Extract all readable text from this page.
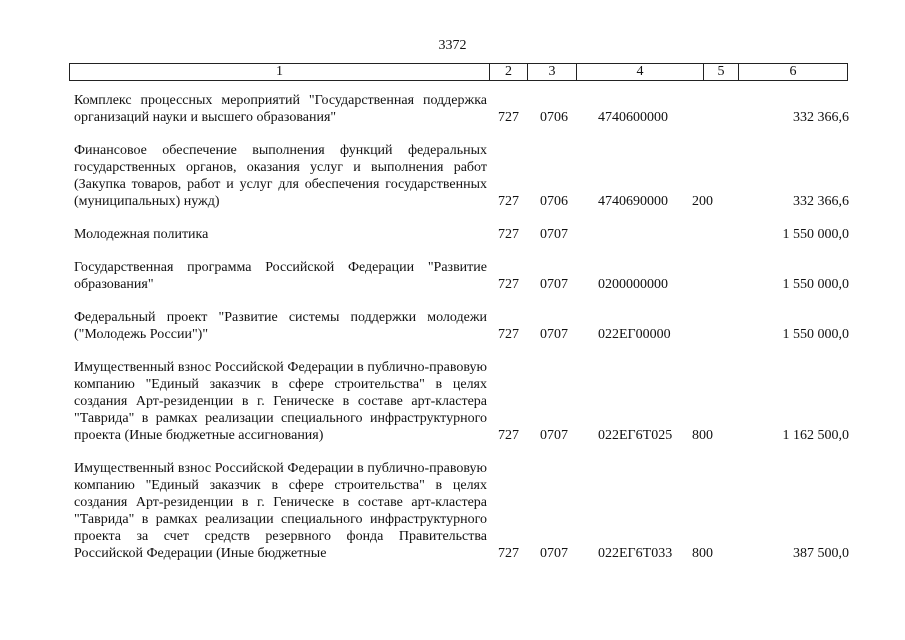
3372
1	2	3	4	5	6
Комплекс процессных мероприятий "Государственная поддержка организаций науки и высшего образования"	727 0706 4740600000	332 366,6
Финансовое обеспечение выполнения функций федеральных государственных органов, оказания услуг и выполнения работ (Закупка товаров, работ и услуг для обеспечения государственных (муниципальных) нужд)	727 0706 4740690000 200	332 366,6
Молодежная политика	727 0707	1 550 000,0
Государственная программа Российской Федерации "Развитие образования"	727 0707 0200000000	1 550 000,0
Федеральный проект "Развитие системы поддержки молодежи ("Молодежь России")"	727 0707 022ЕГ00000	1 550 000,0
Имущественный взнос Российской Федерации в публично-правовую компанию "Единый заказчик в сфере строительства" в целях создания Арт-резиденции в г. Геническе в составе арт-кластера "Таврида" в рамках реализации специального инфраструктурного проекта (Иные бюджетные ассигнования)	727 0707 022ЕГ6Т025 800	1 162 500,0
Имущественный взнос Российской Федерации в публично-правовую компанию "Единый заказчик в сфере строительства" в целях создания Арт-резиденции в г. Геническе в составе арт-кластера "Таврида" в рамках реализации специального инфраструктурного проекта за счет средств резервного фонда Правительства Российской Федерации (Иные бюджетные	727 0707 022ЕГ6Т033 800	387 500,0
